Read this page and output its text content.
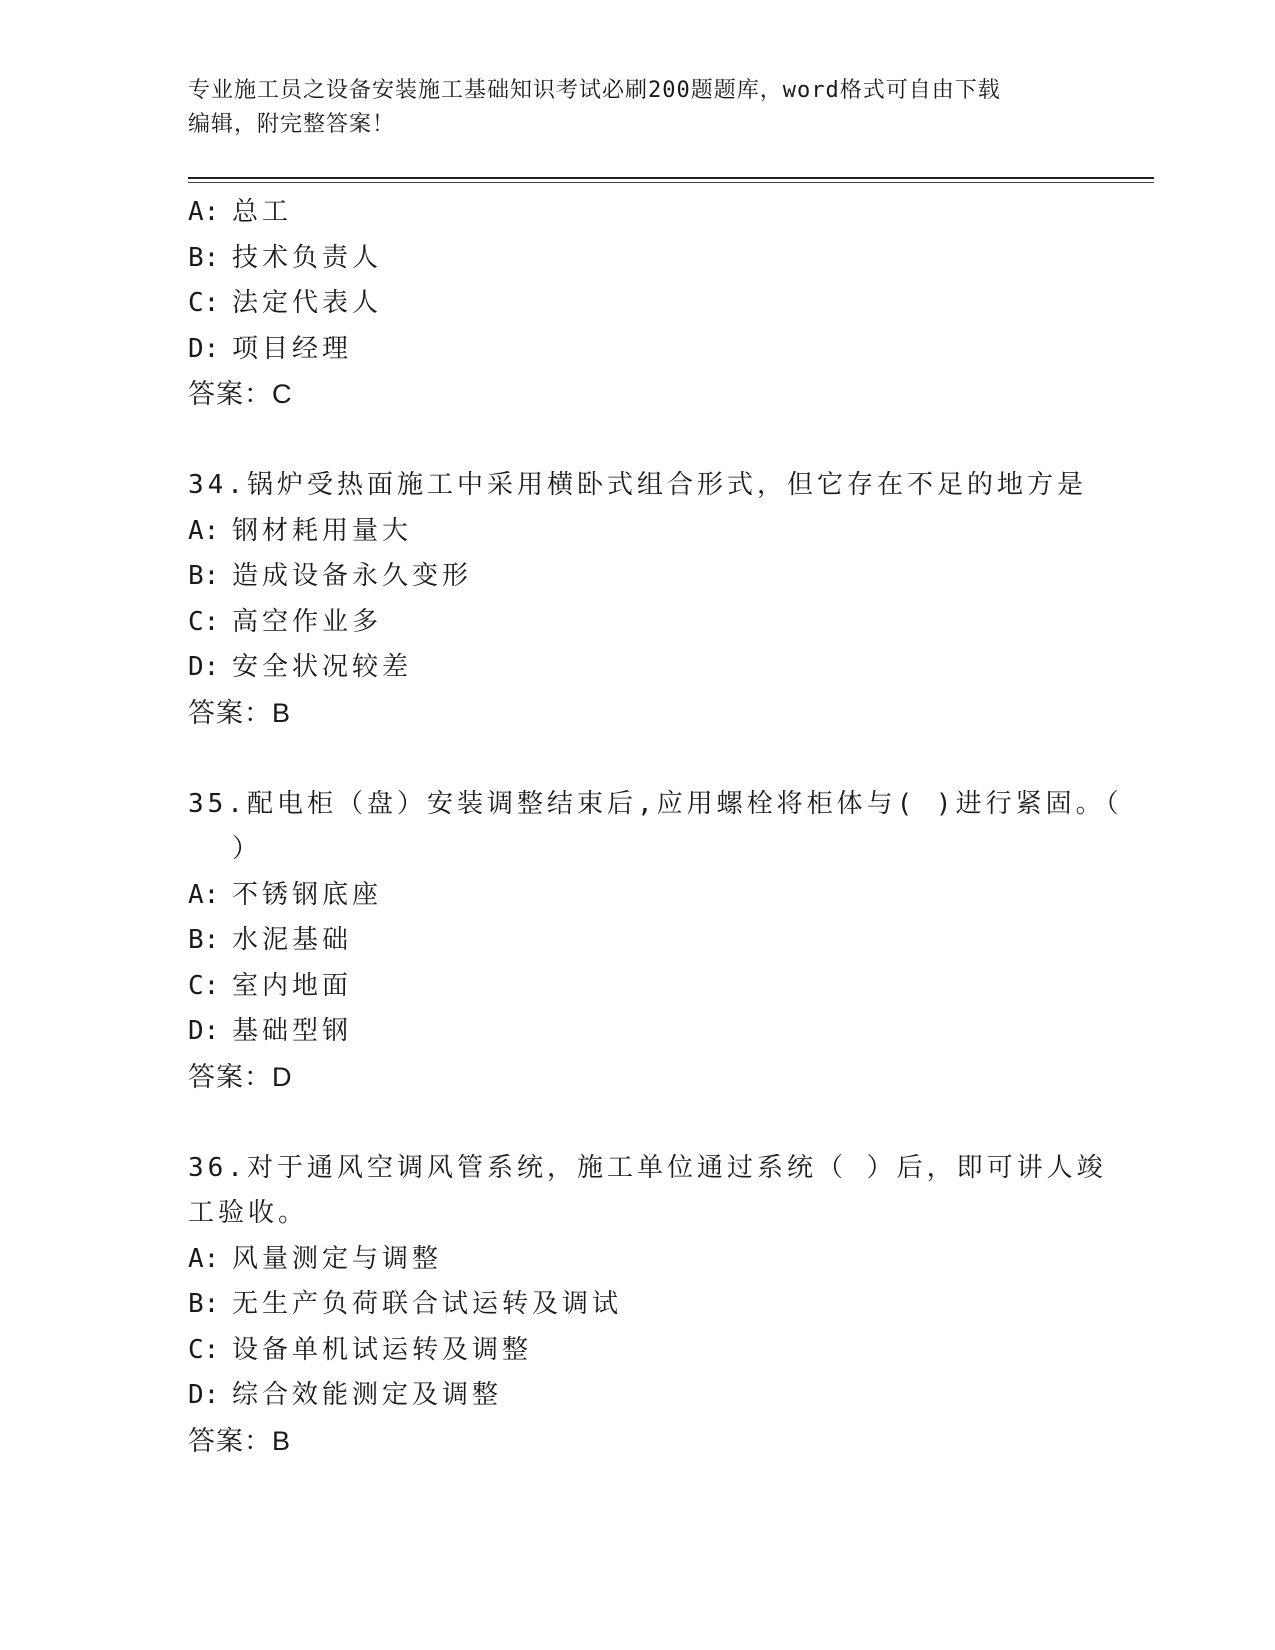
专业施工员之设备安装施工基础知识考试必刷200题题库，word格式可自由下载
编辑，附完整答案！
A: 总工
B: 技术负责人
C: 法定代表人
D: 项目经理
答案：C
34.锅炉受热面施工中采用横卧式组合形式，但它存在不足的地方是
A: 钢材耗用量大
B: 造成设备永久变形
C: 高空作业多
D: 安全状况较差
答案：B
35.配电柜（盘）安装调整结束后,应用螺栓将柜体与( )进行紧固。（
）
A: 不锈钢底座
B: 水泥基础
C: 室内地面
D: 基础型钢
答案：D
36.对于通风空调风管系统，施工单位通过系统（ ）后，即可讲人竣
工验收。
A: 风量测定与调整
B: 无生产负荷联合试运转及调试
C: 设备单机试运转及调整
D: 综合效能测定及调整
答案：B
